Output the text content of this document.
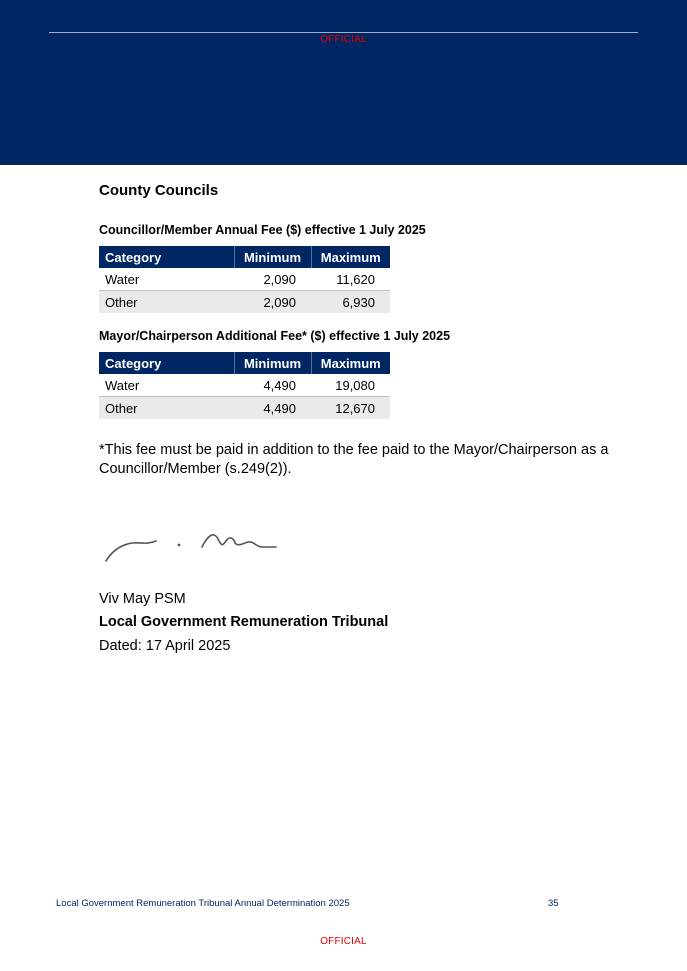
OFFICIAL
County Councils
Councillor/Member Annual Fee ($) effective 1 July 2025
Category	Minimum	Maximum
Water	2,090	11,620
Other	2,090	6,930
Mayor/Chairperson Additional Fee* ($) effective 1 July 2025
Category	Minimum	Maximum
Water	4,490	19,080
Other	4,490	12,670
*This fee must be paid in addition to the fee paid to the Mayor/Chairperson as a Councillor/Member (s.249(2)).
Viv May PSM
Local Government Remuneration Tribunal
Dated: 17 April 2025
Local Government Remuneration Tribunal Annual Determination 2025	35
OFFICIAL
